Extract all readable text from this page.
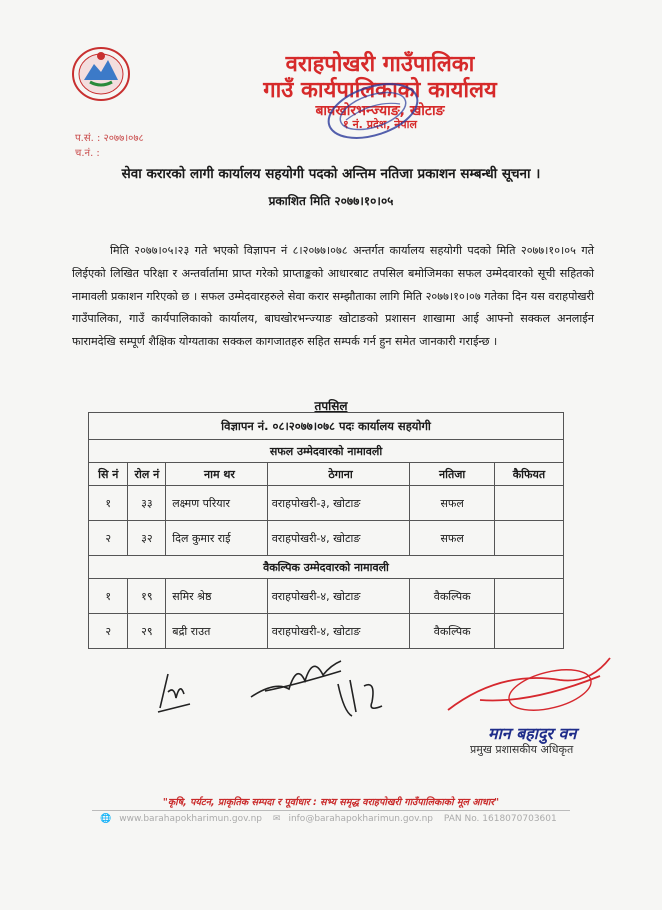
वराहपोखरी गाउँपालिका
गाउँ कार्यपालिकाको कार्यालय
बाघखोरभन्ज्याङ, खोटाङ
१ नं. प्रदेश, नेपाल
प.सं. : २०७७।०७८
च.नं. :
सेवा करारको लागी कार्यालय सहयोगी पदको अन्तिम नतिजा प्रकाशन सम्बन्धी सूचना ।
प्रकाशित मिति २०७७।१०।०५

मिति २०७७।०५।२३ गते भएको विज्ञापन नं ८।२०७७।०७८ अन्तर्गत कार्यालय सहयोगी पदको मिति २०७७।१०।०५ गते लिईएको लिखित परिक्षा र अन्तर्वार्तामा प्राप्त गरेको प्राप्ताङ्कको आधारबाट तपसिल बमोजिमका सफल उम्मेदवारको सूची सहितको नामावली प्रकाशन गरिएको छ । सफल उम्मेदवारहरुले सेवा करार सम्झौताका लागि मिति २०७७।१०।०७ गतेका दिन यस वराहपोखरी गाउँपालिका, गाउँ कार्यपालिकाको कार्यालय, बाघखोरभन्ज्याङ खोटाङको प्रशासन शाखामा आई आफ्नो सक्कल अनलाईन फारामदेखि सम्पूर्ण शैक्षिक योग्यताका सक्कल कागजातहरु सहित सम्पर्क गर्न हुन समेत जानकारी गराईन्छ ।

तपसिल
विज्ञापन नं. ०८।२०७७।०७८ पदः कार्यालय सहयोगी					
सफल उम्मेदवारको नामावली					
सि नं	रोल नं	नाम थर	ठेगाना	नतिजा	कैफियत
१	३३	लक्ष्मण परियार	वराहपोखरी-३, खोटाङ	सफल	
२	३२	दिल कुमार राई	वराहपोखरी-४, खोटाङ	सफल	
वैकल्पिक उम्मेदवारको नामावली					
१	१९	समिर श्रेष्ठ	वराहपोखरी-४, खोटाङ	वैकल्पिक	
२	२९	बद्री राउत	वराहपोखरी-४, खोटाङ	वैकल्पिक	
मान बहादुर वन
प्रमुख प्रशासकीय अधिकृत
"कृषि, पर्यटन, प्राकृतिक सम्पदा र पूर्वाधार : सभ्य समृद्ध वराहपोखरी गाउँपालिकाको मूल आधार"
🌐 www.barahapokharimun.gov.np ✉ info@barahapokharimun.gov.np PAN No. 1618070703601
